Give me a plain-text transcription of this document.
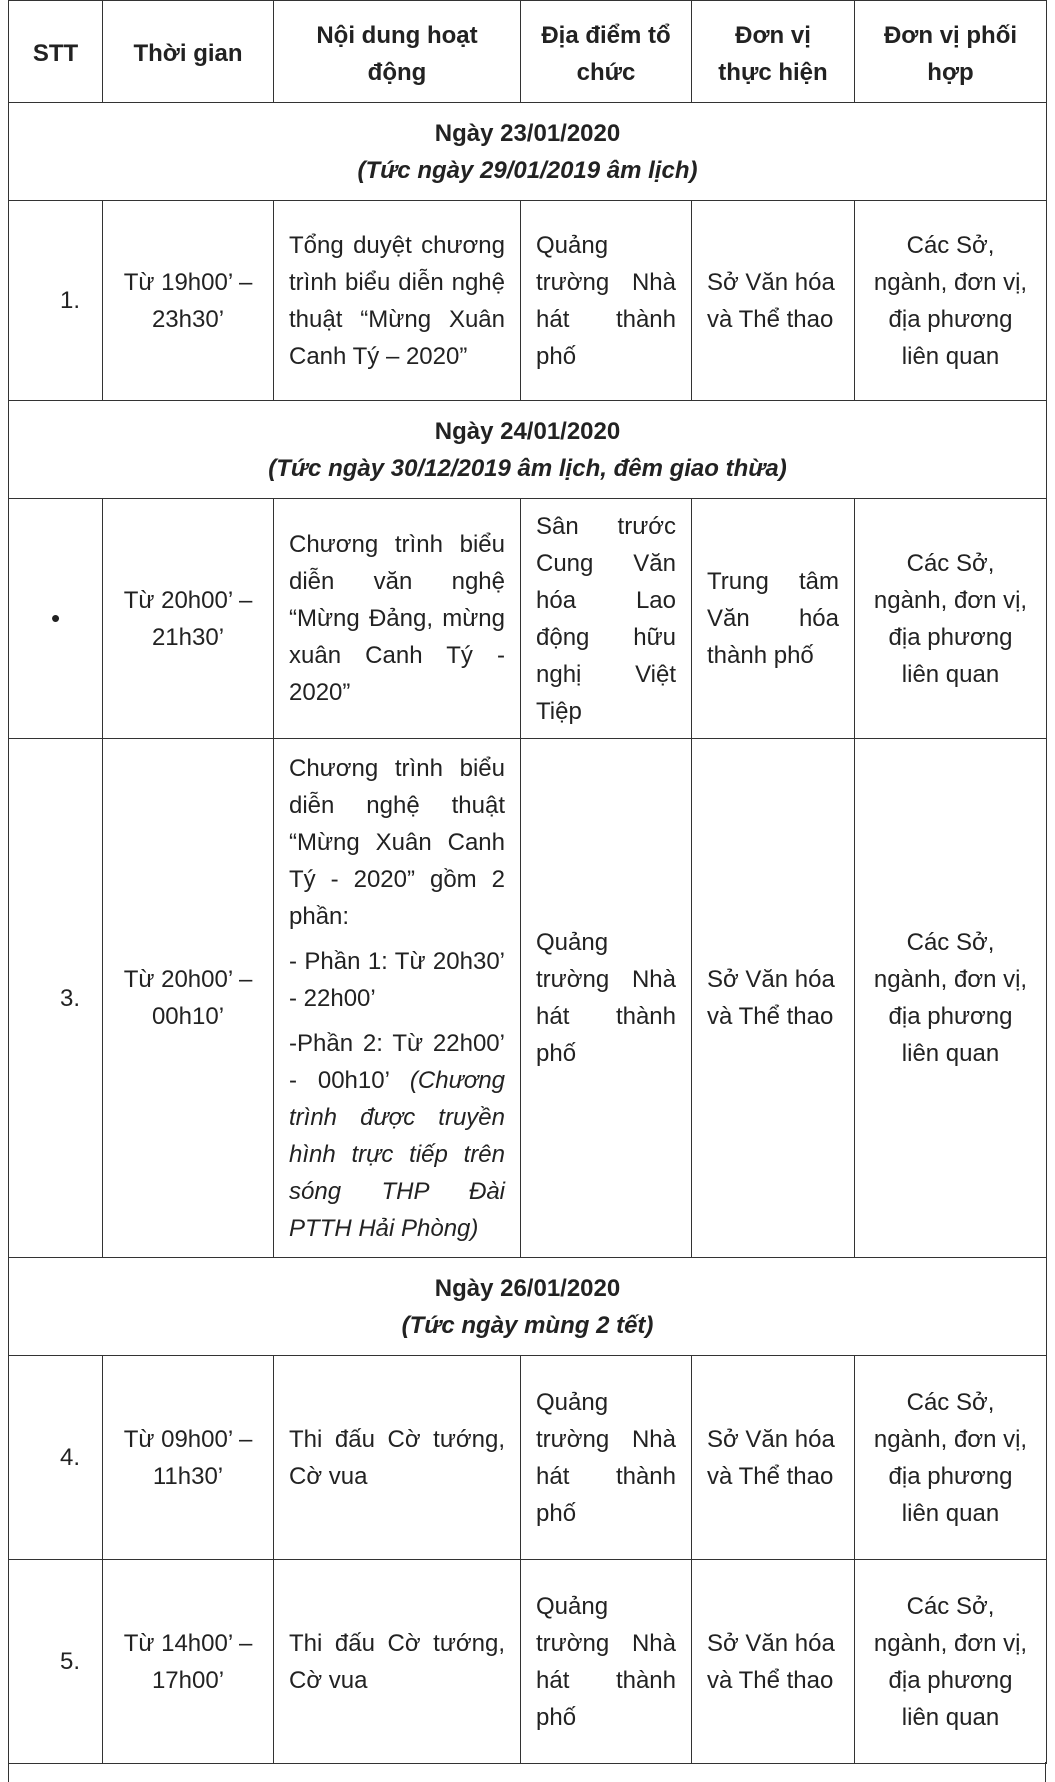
STT	Thời gian	Nội dung hoạt động	Địa điểm tổ chức	Đơn vị thực hiện	Đơn vị phối hợp

Ngày 23/01/2020
(Tức ngày 29/01/2019 âm lịch)					

1.	Từ 19h00’ – 23h30’	Tổng duyệt chương trình biểu diễn nghệ thuật “Mừng Xuân Canh Tý – 2020”	Quảng trường Nhà hát thành phố	Sở Văn hóa và Thể thao	Các Sở, ngành, đơn vị, địa phương liên quan

Ngày 24/01/2020
(Tức ngày 30/12/2019 âm lịch, đêm giao thừa)					

•	Từ 20h00’ – 21h30’	Chương trình biểu diễn văn nghệ “Mừng Đảng, mừng xuân Canh Tý - 2020”	Sân trước Cung Văn hóa Lao động hữu nghị Việt Tiệp	Trung tâm Văn hóa thành phố	Các Sở, ngành, đơn vị, địa phương liên quan
3.	Từ 20h00’ – 00h10’	Chương trình biểu diễn nghệ thuật “Mừng Xuân Canh Tý - 2020” gồm 2 phần:

- Phần 1: Từ 20h30’ - 22h00’

-Phần 2: Từ 22h00’ - 00h10’ (Chương trình được truyền hình trực tiếp trên sóng THP Đài PTTH Hải Phòng)	Quảng trường Nhà hát thành phố	Sở Văn hóa và Thể thao	Các Sở, ngành, đơn vị, địa phương liên quan

Ngày 26/01/2020
(Tức ngày mùng 2 tết)					

4.	Từ 09h00’ – 11h30’	Thi đấu Cờ tướng, Cờ vua	Quảng trường Nhà hát thành phố	Sở Văn hóa và Thể thao	Các Sở, ngành, đơn vị, địa phương liên quan
5.	Từ 14h00’ – 17h00’	Thi đấu Cờ tướng, Cờ vua	Quảng trường Nhà hát thành phố	Sở Văn hóa và Thể thao	Các Sở, ngành, đơn vị, địa phương liên quan
